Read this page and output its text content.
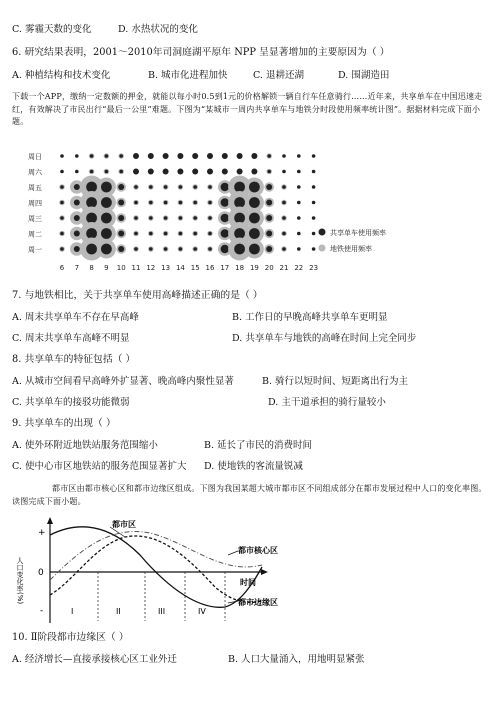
C. 雾霾天数的变化	D. 水热状况的变化
6. 研究结果表明，2001～2010年司洞庭湖平原年 NPP 呈显著增加的主要原因为（ ）
A. 种植结构和技术变化	B. 城市化进程加快	C. 退耕还湖	D. 围湖造田
下载一个APP，缴纳一定数额的押金，就能以每小时0.5到1元的价格解锁一辆自行车任意骑行……近年来，共享单车在中国迅速走红，有效解决了市民出行“最后一公里”难题。下图为“某城市一周内共享单车与地铁分时段使用频率统计图”。据据材料完成下面小题。
周日
周六
周五
周四
周三
周二
周一
6 7 8 9 10 11 12 13 14 15 16 17 18 19 20 21 22 23
共享单车使用频率
地铁使用频率
7. 与地铁相比，关于共享单车使用高峰描述正确的是（ ）
A. 周末共享单车不存在早高峰	B. 工作日的早晚高峰共享单车更明显
C. 周末共享单车高峰不明显	D. 共享单车与地铁的高峰在时间上完全同步
8. 共享单车的特征包括（ ）
A. 从城市空间看早高峰外扩显著、晚高峰内聚性显著	B. 骑行以短时间、短距离出行为主
C. 共享单车的接驳功能微弱	D. 主干道承担的骑行量较小
9. 共享单车的出现（ ）
A. 使外环附近地铁站服务范围缩小	B. 延长了市民的消费时间
C. 使中心市区地铁站的服务范围显著扩大 D. 使地铁的客流量锐减
都市区由都市核心区和都市边缘区组成。下图为我国某超大城市都市区不同组成部分在都市发展过程中人口的变化率图。读图完成下面小题。
人口变化率(%)
+
0
-
时间
都市区
都市核心区
都市边缘区
I	II	III	IV
10. Ⅱ阶段都市边缘区（ ）
A. 经济增长—直接承接核心区工业外迁	B. 人口大量涌入，用地明显紧张
